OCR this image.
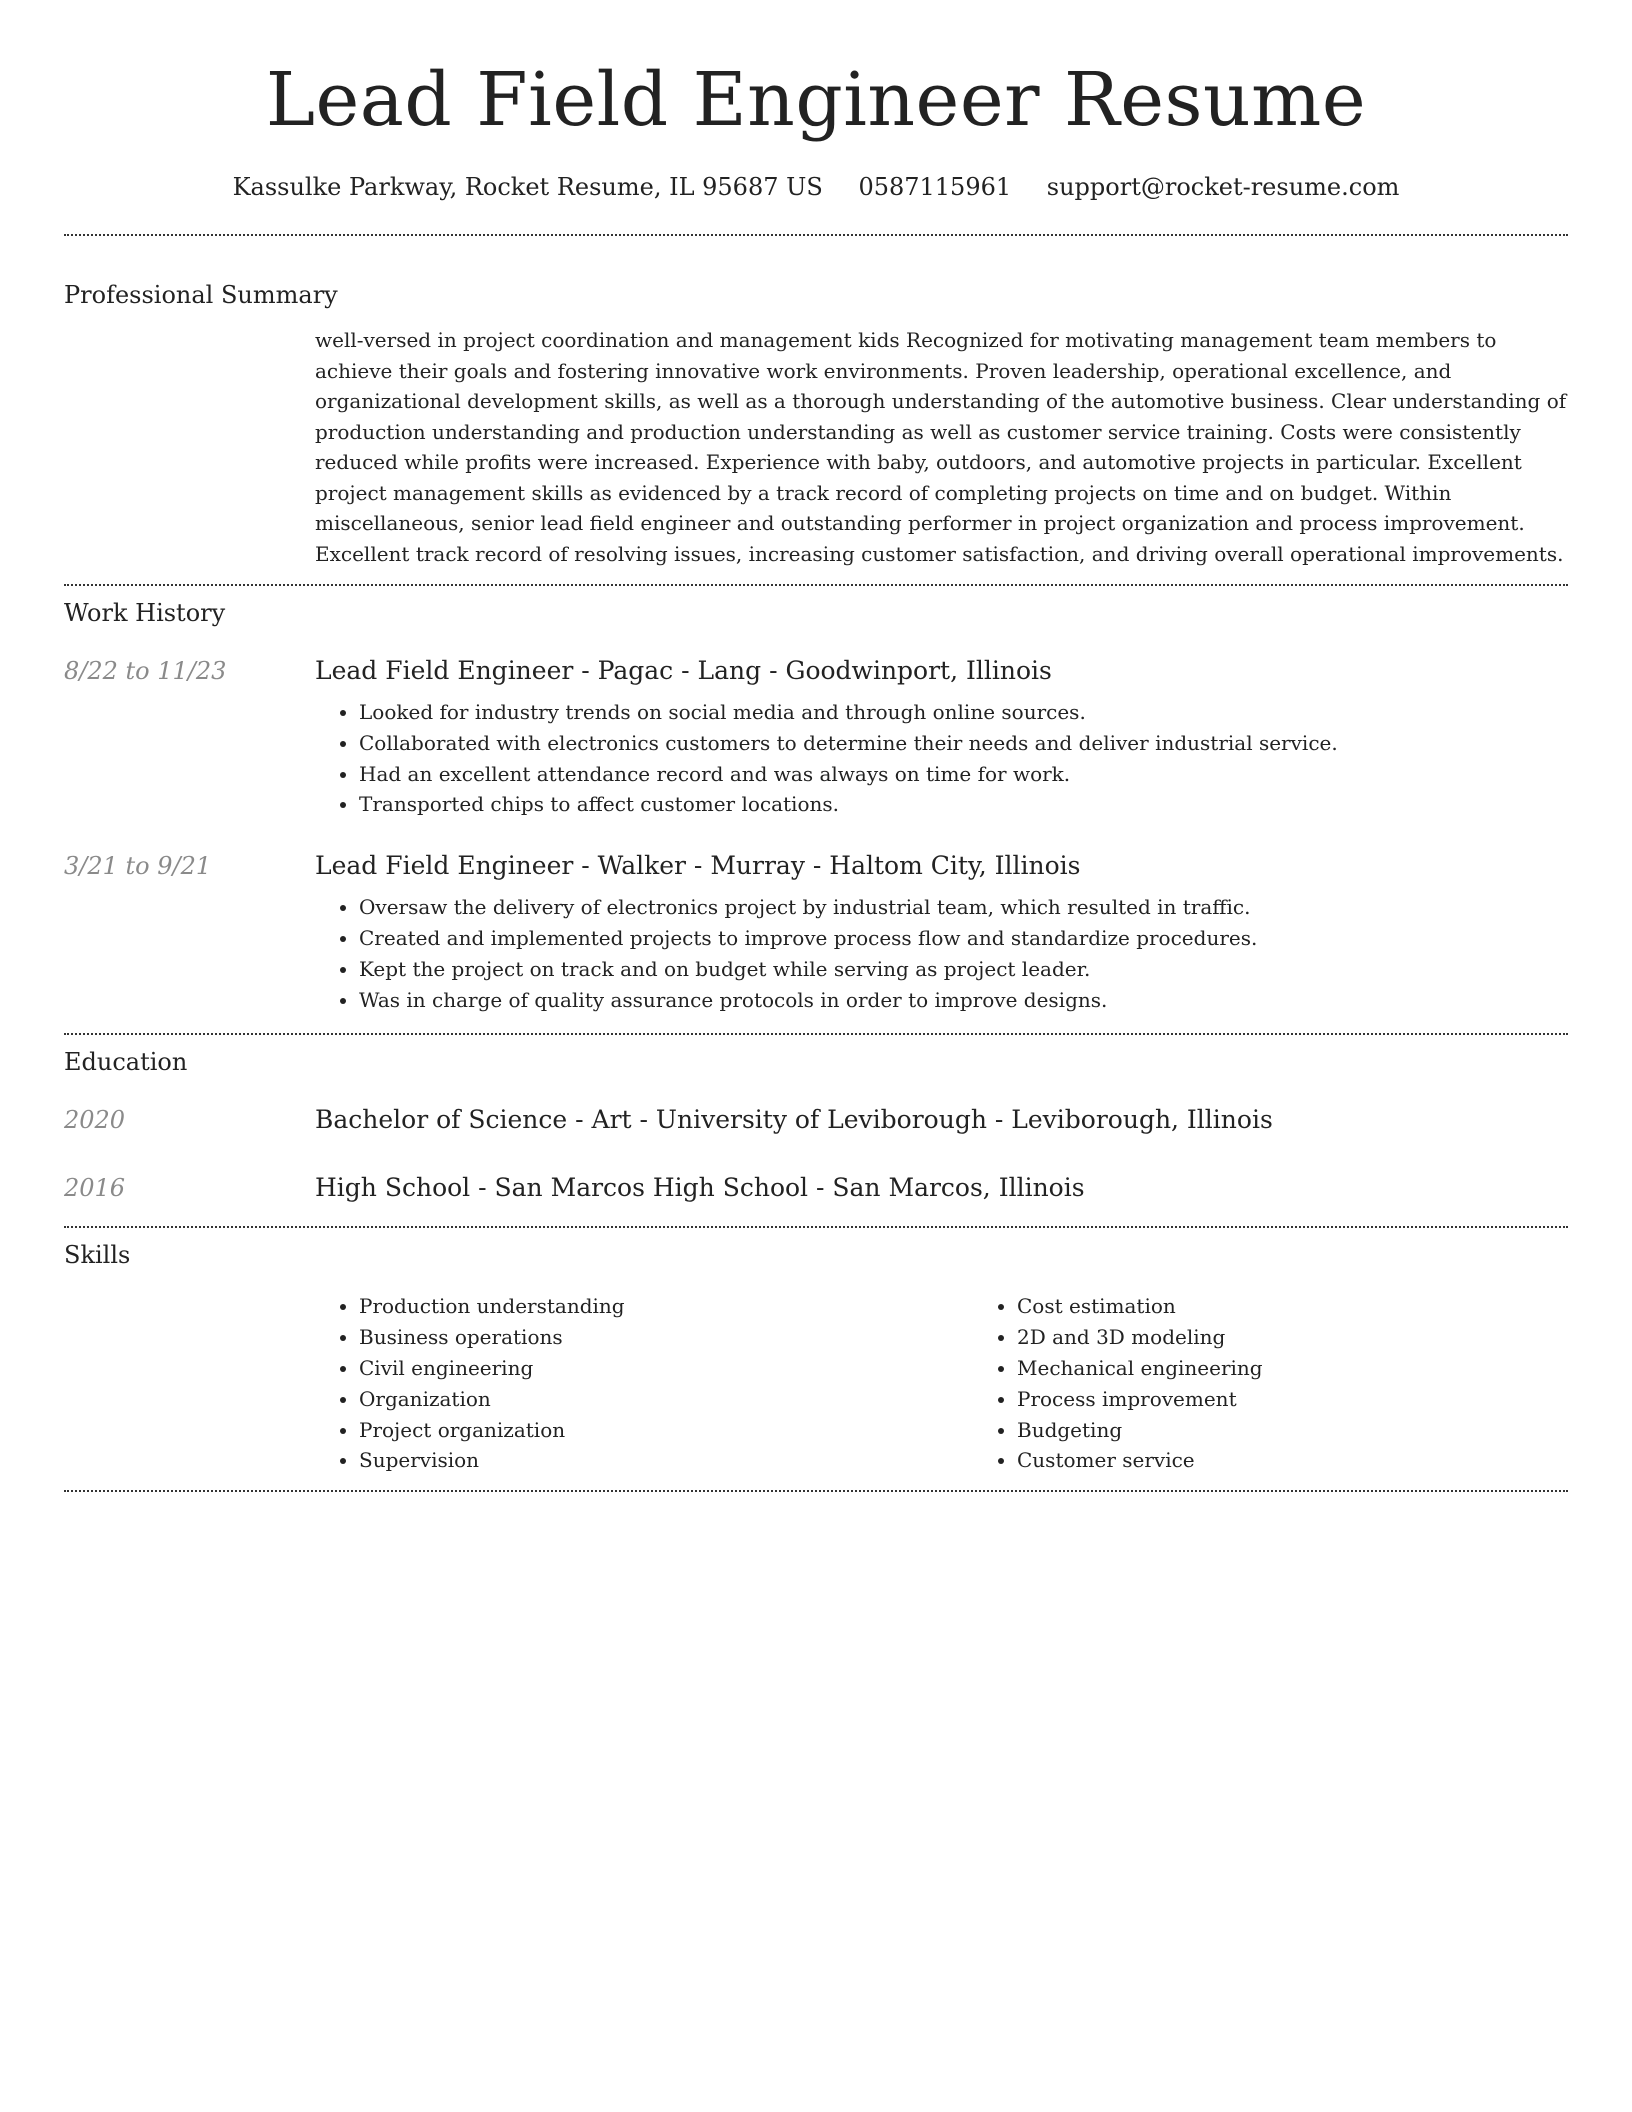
Lead Field Engineer Resume
Kassulke Parkway, Rocket Resume, IL 95687 US 0587115961 support@rocket-resume.com
Professional Summary

well-versed in project coordination and management kids Recognized for motivating management team members to achieve their goals and fostering innovative work environments. Proven leadership, operational excellence, and organizational development skills, as well as a thorough understanding of the automotive business. Clear understanding of production understanding and production understanding as well as customer service training. Costs were consistently reduced while profits were increased. Experience with baby, outdoors, and automotive projects in particular. Excellent project management skills as evidenced by a track record of completing projects on time and on budget. Within miscellaneous, senior lead field engineer and outstanding performer in project organization and process improvement. Excellent track record of resolving issues, increasing customer satisfaction, and driving overall operational improvements.

Work History
8/22 to 11/23	Lead Field Engineer - Pagac - Lang - Goodwinport, Illinois
• Looked for industry trends on social media and through online sources.
• Collaborated with electronics customers to determine their needs and deliver industrial service.
• Had an excellent attendance record and was always on time for work.
• Transported chips to affect customer locations.
3/21 to 9/21	Lead Field Engineer - Walker - Murray - Haltom City, Illinois
• Oversaw the delivery of electronics project by industrial team, which resulted in traffic.
• Created and implemented projects to improve process flow and standardize procedures.
• Kept the project on track and on budget while serving as project leader.
• Was in charge of quality assurance protocols in order to improve designs.
Education
2020	Bachelor of Science - Art - University of Leviborough - Leviborough, Illinois
2016	High School - San Marcos High School - San Marcos, Illinois
Skills
• Production understanding
• Business operations
• Civil engineering
• Organization
• Project organization
• Supervision
• Cost estimation
• 2D and 3D modeling
• Mechanical engineering
• Process improvement
• Budgeting
• Customer service
